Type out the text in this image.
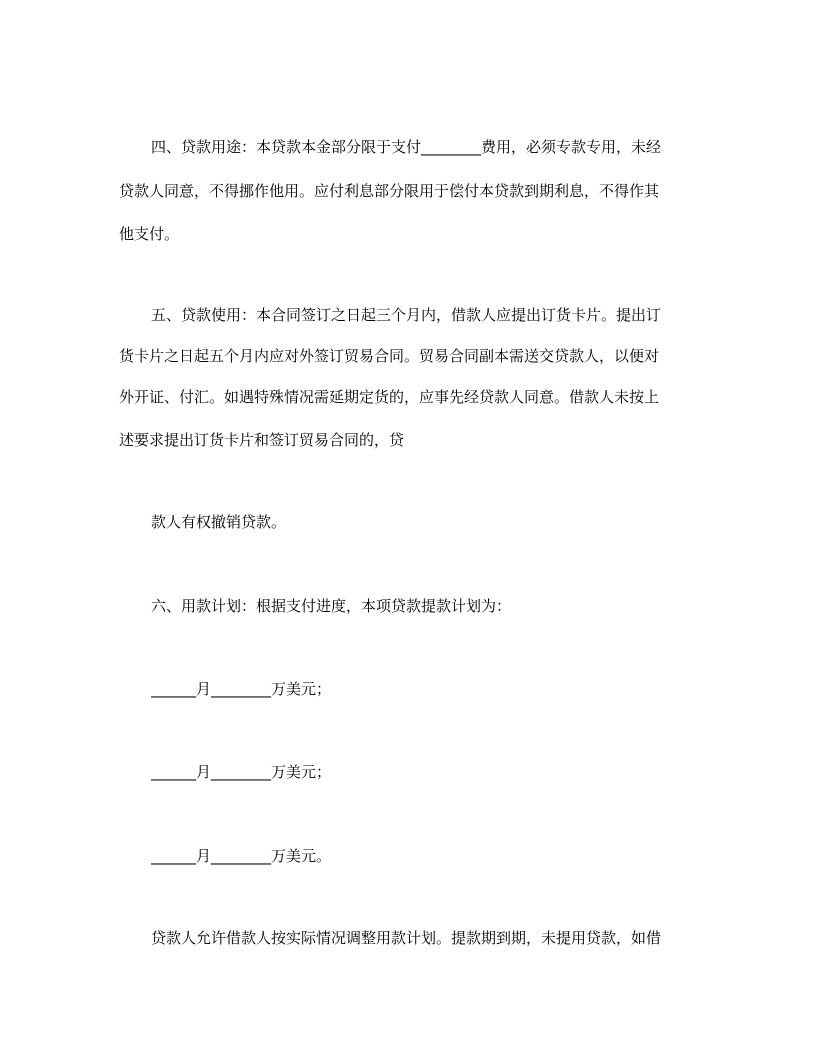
四、贷款用途：本贷款本金部分限于支付________费用，必须专款专用，未经
贷款人同意，不得挪作他用。应付利息部分限用于偿付本贷款到期利息，不得作其
他支付。
五、贷款使用：本合同签订之日起三个月内，借款人应提出订货卡片。提出订
货卡片之日起五个月内应对外签订贸易合同。贸易合同副本需送交贷款人，以便对
外开证、付汇。如遇特殊情况需延期定货的，应事先经贷款人同意。借款人未按上
述要求提出订货卡片和签订贸易合同的，贷
款人有权撤销贷款。
六、用款计划：根据支付进度，本项贷款提款计划为：
______月________万美元；
______月________万美元；
______月________万美元。
贷款人允许借款人按实际情况调整用款计划。提款期到期，未提用贷款，如借
